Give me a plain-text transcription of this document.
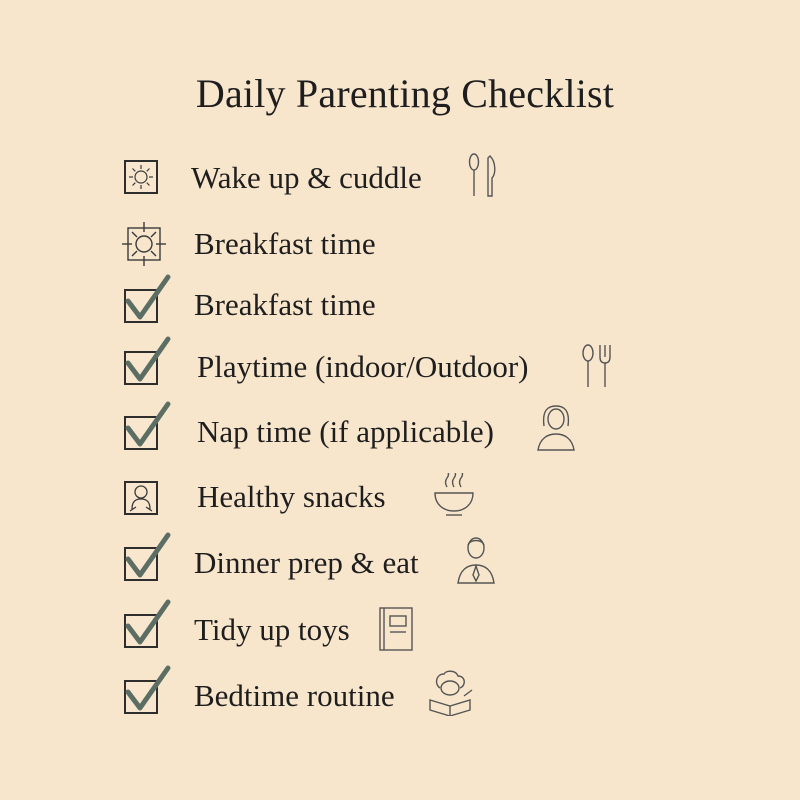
Daily Parenting Checklist
Wake up & cuddle
Breakfast time
Breakfast time
Playtime (indoor/Outdoor)
Nap time (if applicable)
Healthy snacks
Dinner prep & eat
Tidy up toys
Bedtime routine
